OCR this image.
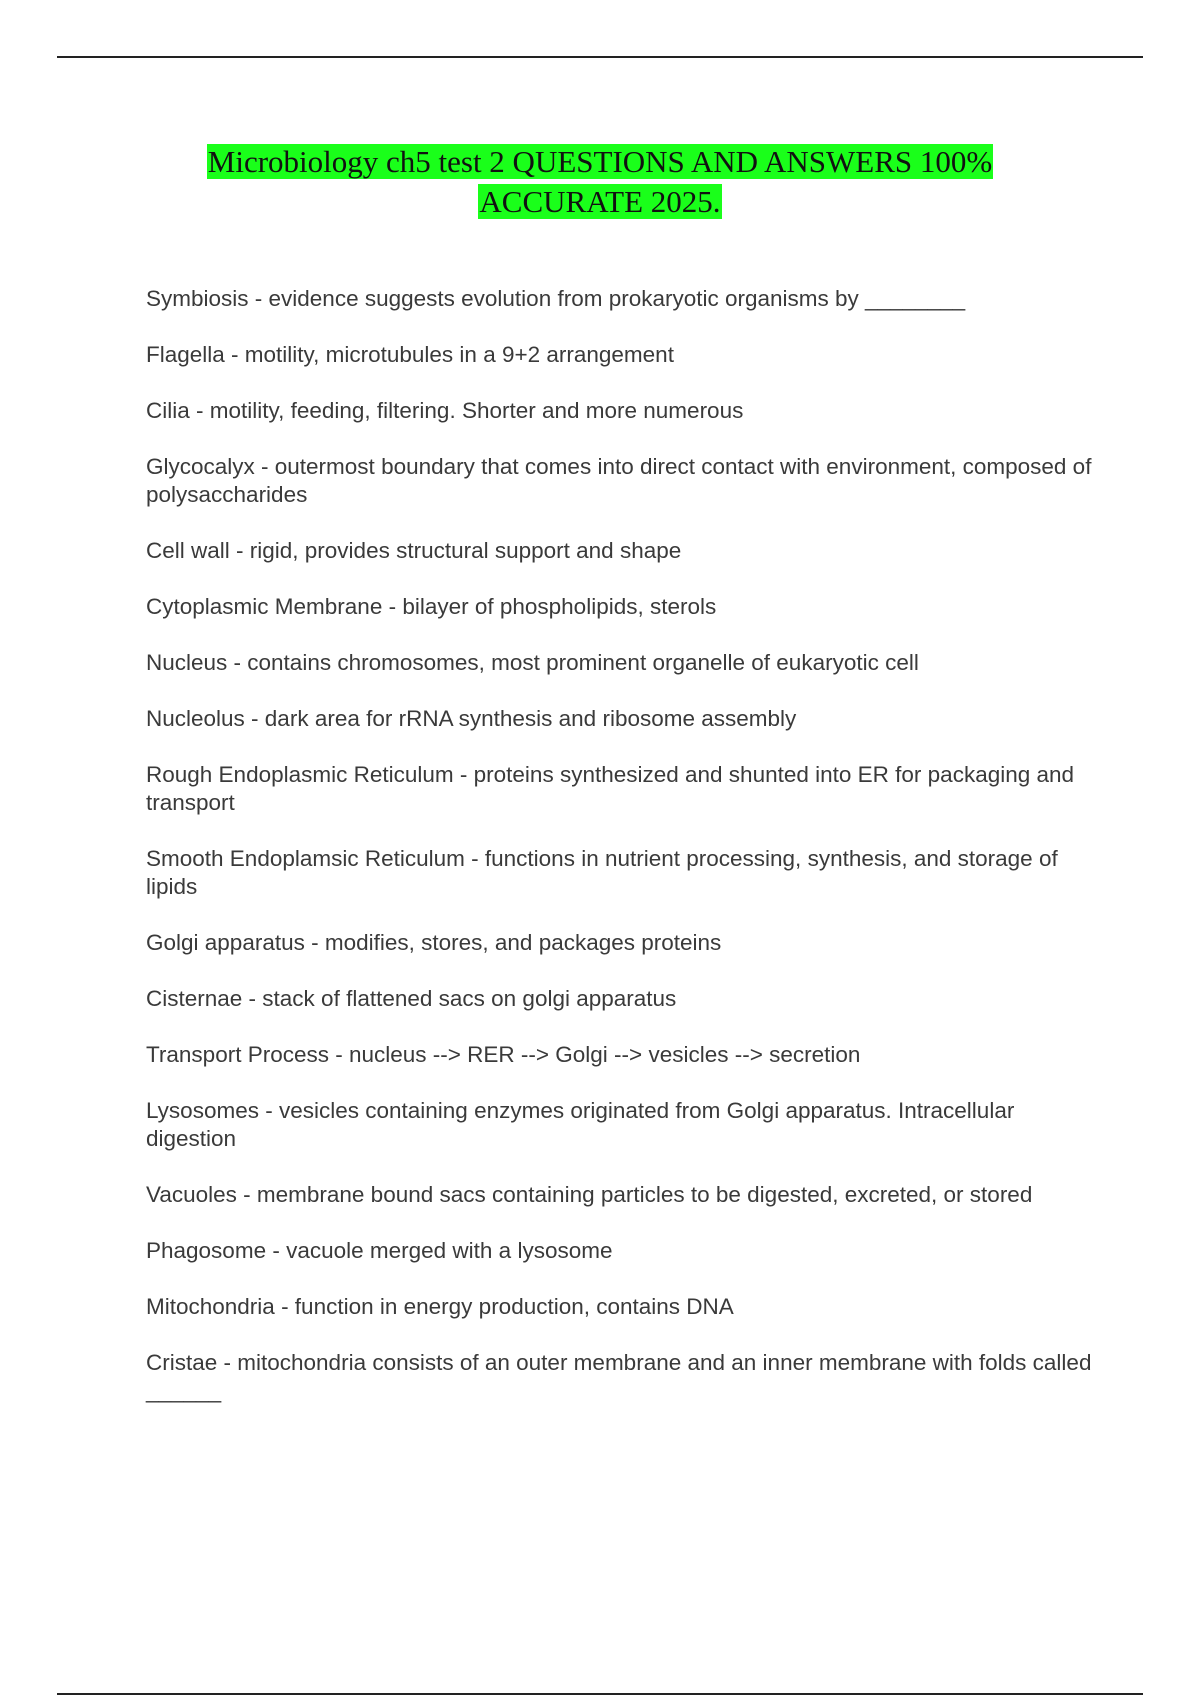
Microbiology ch5 test 2 QUESTIONS AND ANSWERS 100%
ACCURATE 2025.
Symbiosis - evidence suggests evolution from prokaryotic organisms by ________
Flagella - motility, microtubules in a 9+2 arrangement
Cilia - motility, feeding, filtering. Shorter and more numerous
Glycocalyx - outermost boundary that comes into direct contact with environment, composed of polysaccharides
Cell wall - rigid, provides structural support and shape
Cytoplasmic Membrane - bilayer of phospholipids, sterols
Nucleus - contains chromosomes, most prominent organelle of eukaryotic cell
Nucleolus - dark area for rRNA synthesis and ribosome assembly
Rough Endoplasmic Reticulum - proteins synthesized and shunted into ER for packaging and transport
Smooth Endoplamsic Reticulum - functions in nutrient processing, synthesis, and storage of lipids
Golgi apparatus - modifies, stores, and packages proteins
Cisternae - stack of flattened sacs on golgi apparatus
Transport Process - nucleus --> RER --> Golgi --> vesicles --> secretion
Lysosomes - vesicles containing enzymes originated from Golgi apparatus. Intracellular digestion
Vacuoles - membrane bound sacs containing particles to be digested, excreted, or stored
Phagosome - vacuole merged with a lysosome
Mitochondria - function in energy production, contains DNA
Cristae - mitochondria consists of an outer membrane and an inner membrane with folds called ______
